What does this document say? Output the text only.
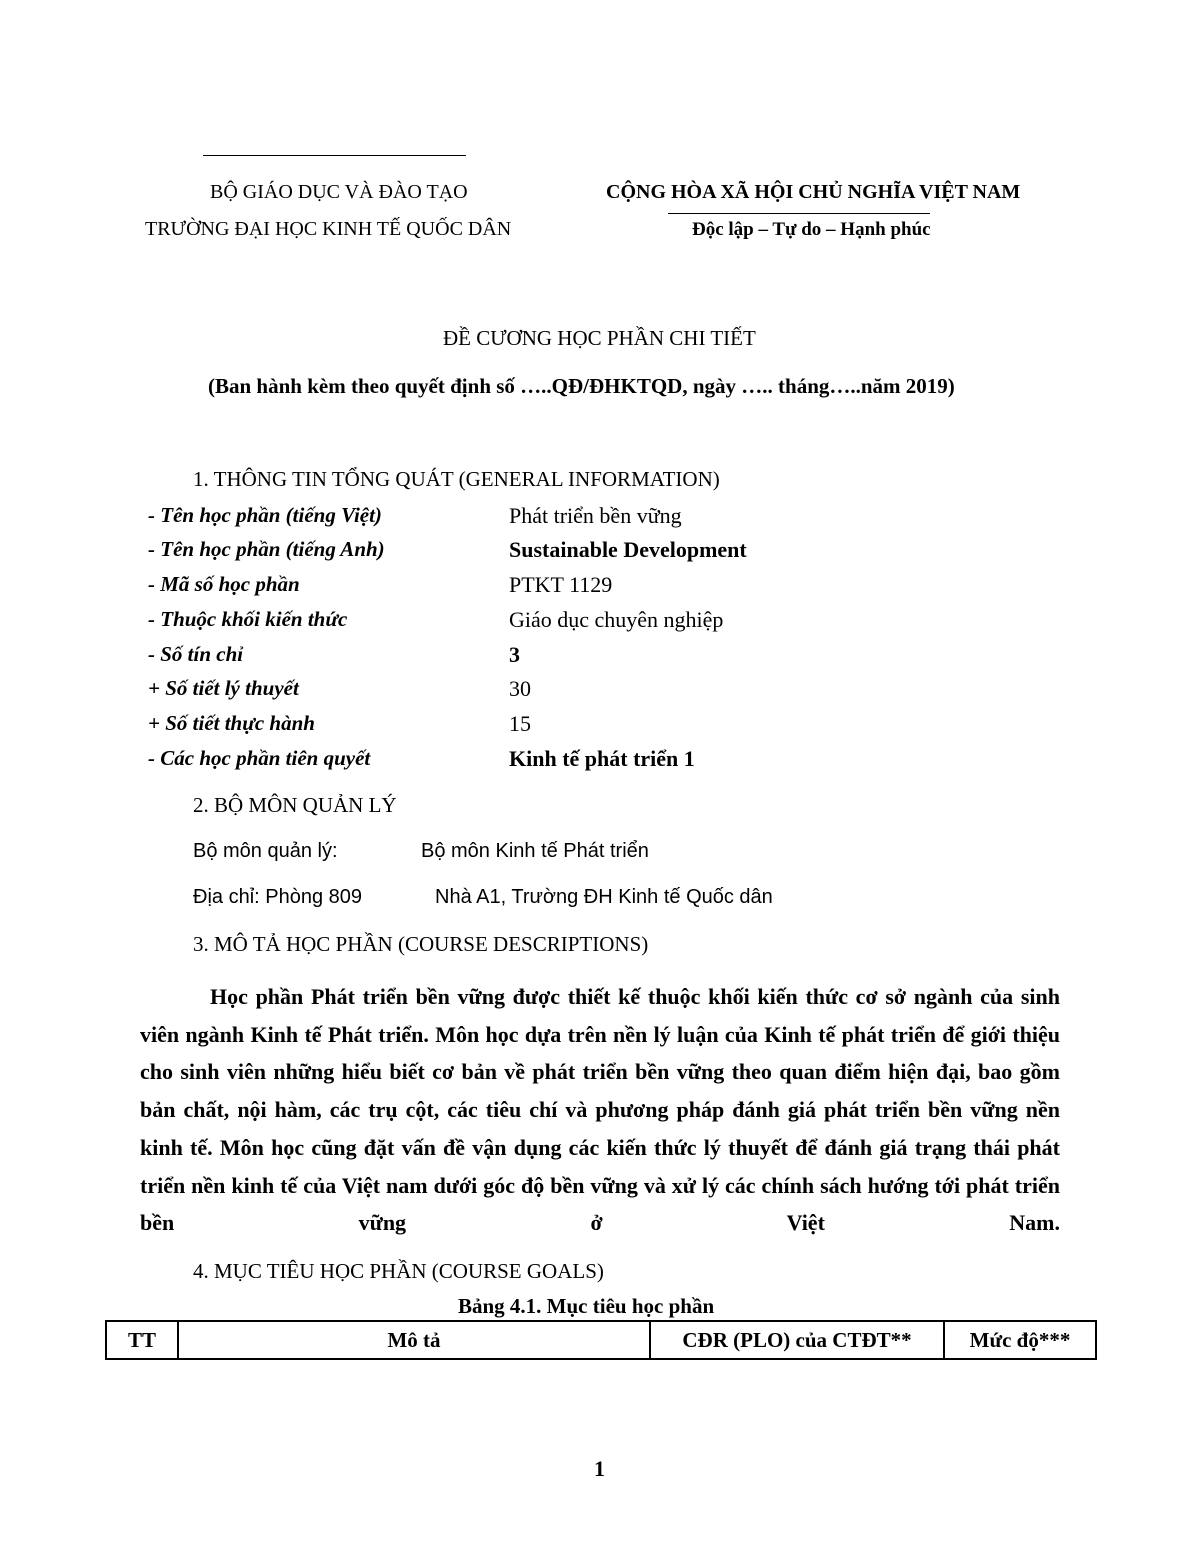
BỘ GIÁO DỤC VÀ ĐÀO TẠO
TRƯỜNG ĐẠI HỌC KINH TẾ QUỐC DÂN
CỘNG HÒA XÃ HỘI CHỦ NGHĨA VIỆT NAM
Độc lập – Tự do – Hạnh phúc
ĐỀ CƯƠNG HỌC PHẦN CHI TIẾT
(Ban hành kèm theo quyết định số …..QĐ/ĐHKTQD, ngày ….. tháng…..năm 2019)
1. THÔNG TIN TỔNG QUÁT (GENERAL INFORMATION)
- Tên học phần (tiếng Việt)	Phát triển bền vững
- Tên học phần (tiếng Anh)	Sustainable Development
- Mã số học phần	PTKT 1129
- Thuộc khối kiến thức	Giáo dục chuyên nghiệp
- Số tín chỉ	3
+ Số tiết lý thuyết	30
+ Số tiết thực hành	15
- Các học phần tiên quyết	Kinh tế phát triển 1
2. BỘ MÔN QUẢN LÝ
Bộ môn quản lý:	Bộ môn Kinh tế Phát triển
Địa chỉ: Phòng 809	Nhà A1, Trường ĐH Kinh tế Quốc dân
3. MÔ TẢ HỌC PHẦN (COURSE DESCRIPTIONS)
Học phần Phát triển bền vững được thiết kế thuộc khối kiến thức cơ sở ngành của sinh viên ngành Kinh tế Phát triển. Môn học dựa trên nền lý luận của Kinh tế phát triển để giới thiệu cho sinh viên những hiểu biết cơ bản về phát triển bền vững theo quan điểm hiện đại, bao gồm bản chất, nội hàm, các trụ cột, các tiêu chí và phương pháp đánh giá phát triển bền vững nền kinh tế. Môn học cũng đặt vấn đề vận dụng các kiến thức lý thuyết để đánh giá trạng thái phát triển nền kinh tế của Việt nam dưới góc độ bền vững và xử lý các chính sách hướng tới phát triển bền vững ở Việt Nam.
4. MỤC TIÊU HỌC PHẦN (COURSE GOALS)
Bảng 4.1. Mục tiêu học phần
TT	Mô tả	CĐR (PLO) của CTĐT**	Mức độ***
1
